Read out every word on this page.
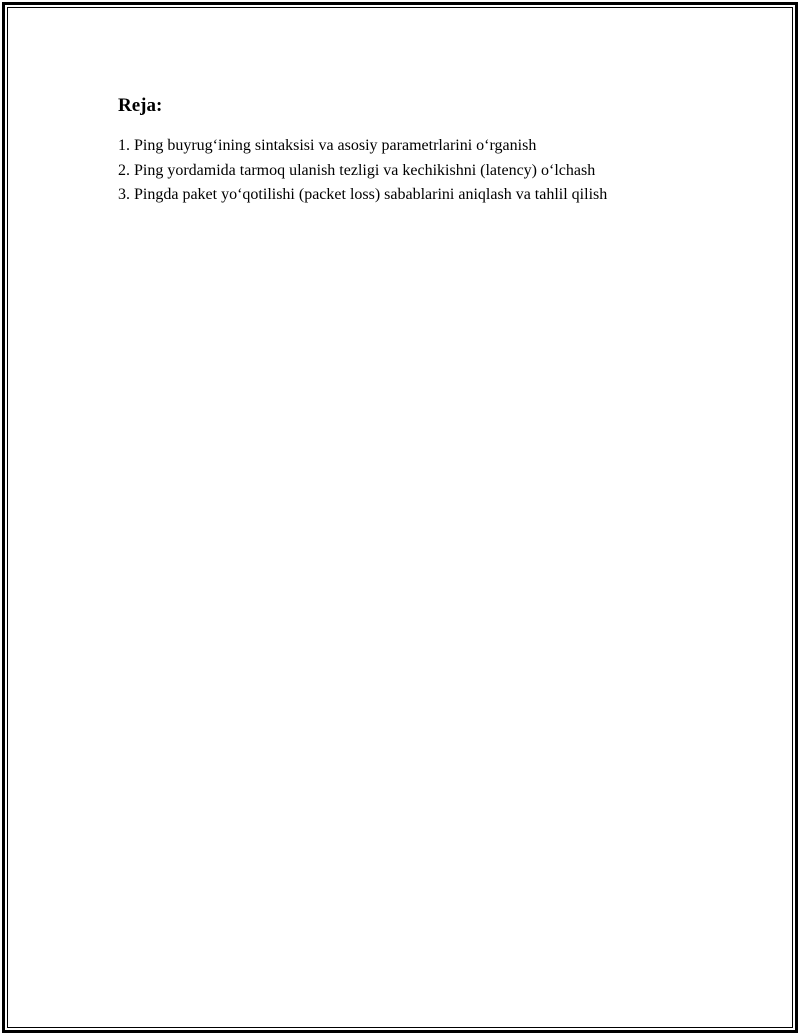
Reja:
1. Ping buyrug‘ining sintaksisi va asosiy parametrlarini o‘rganish
2. Ping yordamida tarmoq ulanish tezligi va kechikishni (latency) o‘lchash
3. Pingda paket yo‘qotilishi (packet loss) sabablarini aniqlash va tahlil qilish
